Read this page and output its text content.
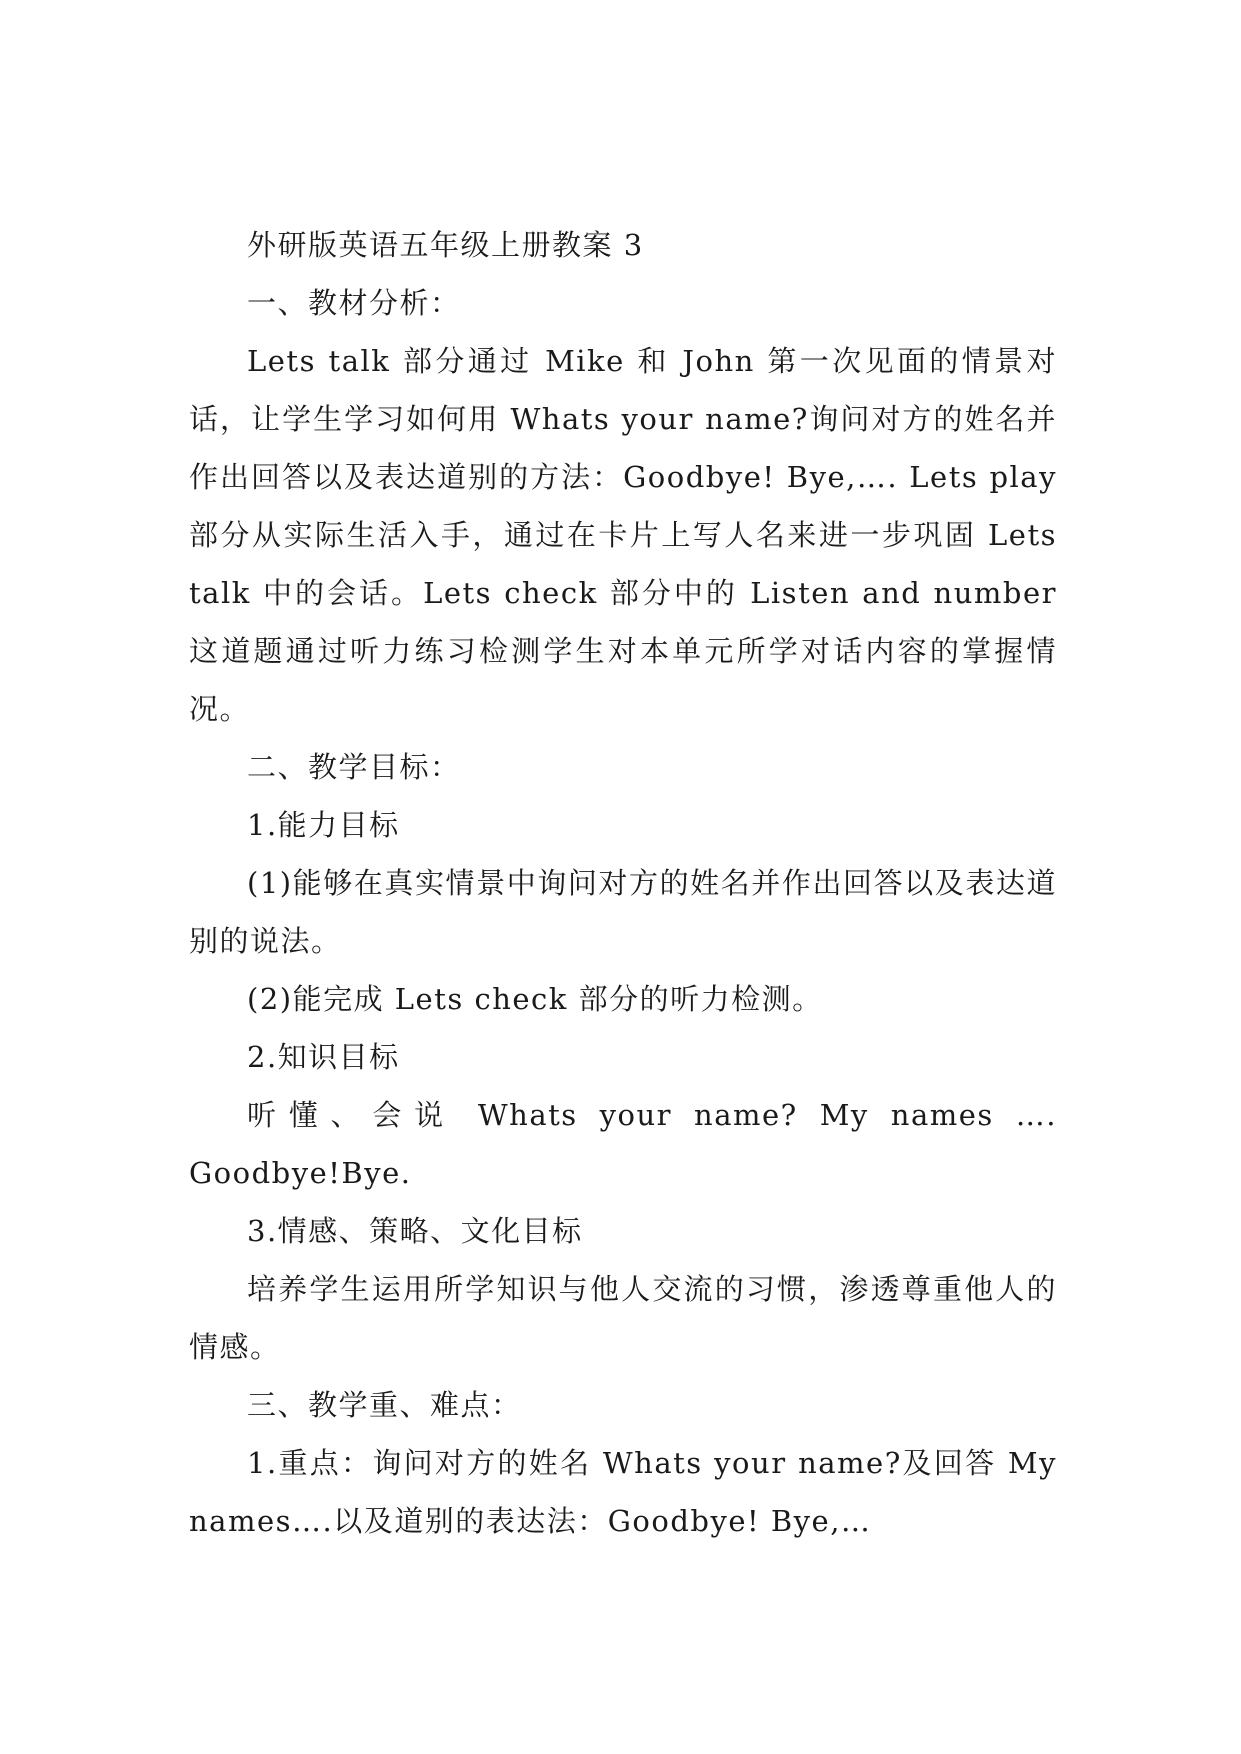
外研版英语五年级上册教案 3

一、教材分析：

Lets talk 部分通过 Mike 和 John 第一次见面的情景对话，让学生学习如何用 Whats your name?询问对方的姓名并作出回答以及表达道别的方法：Goodbye! Bye,…. Lets play 部分从实际生活入手，通过在卡片上写人名来进一步巩固 Lets talk 中的会话。Lets check 部分中的 Listen and number 这道题通过听力练习检测学生对本单元所学对话内容的掌握情况。

二、教学目标：

1.能力目标

(1)能够在真实情景中询问对方的姓名并作出回答以及表达道别的说法。

(2)能完成 Lets check 部分的听力检测。

2.知识目标

听懂、会说 Whats your name? My names …. Goodbye!Bye.

3.情感、策略、文化目标

培养学生运用所学知识与他人交流的习惯，渗透尊重他人的情感。

三、教学重、难点：

1.重点：询问对方的姓名 Whats your name?及回答 My names….以及道别的表达法：Goodbye! Bye,…
